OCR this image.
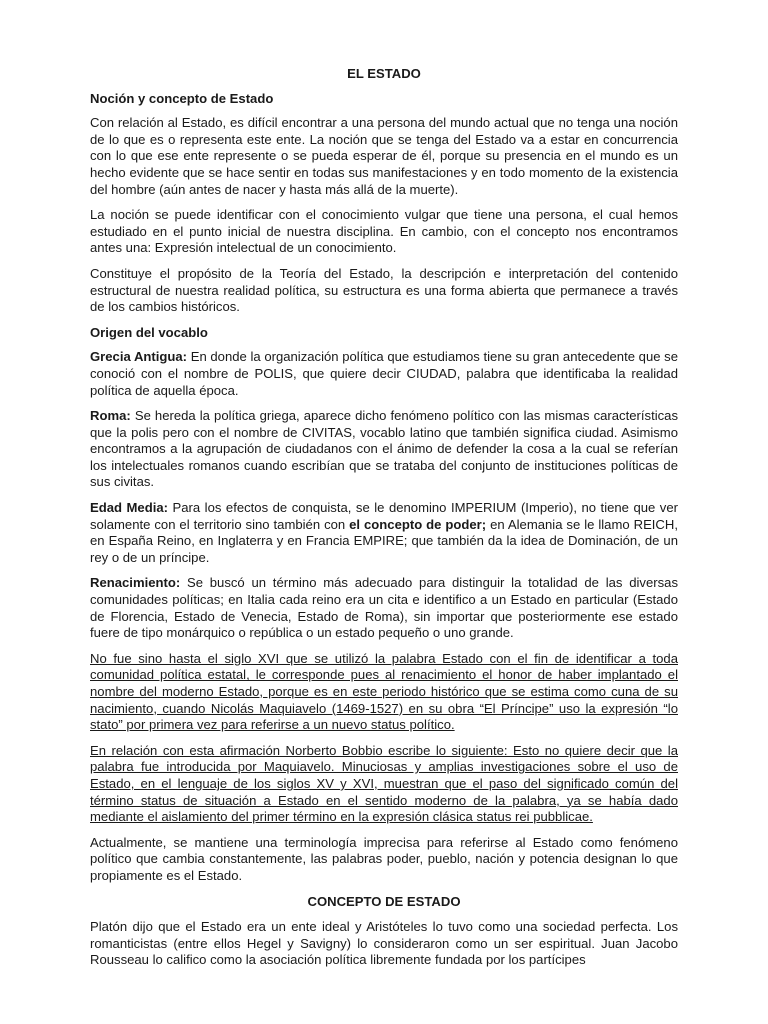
EL ESTADO
Noción y concepto de Estado

Con relación al Estado, es difícil encontrar a una persona del mundo actual que no tenga una noción de lo que es o representa este ente. La noción que se tenga del Estado va a estar en concurrencia con lo que ese ente represente o se pueda esperar de él, porque su presencia en el mundo es un hecho evidente que se hace sentir en todas sus manifestaciones y en todo momento de la existencia del hombre (aún antes de nacer y hasta más allá de la muerte).

La noción se puede identificar con el conocimiento vulgar que tiene una persona, el cual hemos estudiado en el punto inicial de nuestra disciplina. En cambio, con el concepto nos encontramos antes una: Expresión intelectual de un conocimiento.

Constituye el propósito de la Teoría del Estado, la descripción e interpretación del contenido estructural de nuestra realidad política, su estructura es una forma abierta que permanece a través de los cambios históricos.

Origen del vocablo

Grecia Antigua: En donde la organización política que estudiamos tiene su gran antecedente que se conoció con el nombre de POLIS, que quiere decir CIUDAD, palabra que identificaba la realidad política de aquella época.

Roma: Se hereda la política griega, aparece dicho fenómeno político con las mismas características que la polis pero con el nombre de CIVITAS, vocablo latino que también significa ciudad. Asimismo encontramos a la agrupación de ciudadanos con el ánimo de defender la cosa a la cual se referían los intelectuales romanos cuando escribían que se trataba del conjunto de instituciones políticas de sus civitas.

Edad Media: Para los efectos de conquista, se le denomino IMPERIUM (Imperio), no tiene que ver solamente con el territorio sino también con el concepto de poder; en Alemania se le llamo REICH, en España Reino, en Inglaterra y en Francia EMPIRE; que también da la idea de Dominación, de un rey o de un príncipe.

Renacimiento: Se buscó un término más adecuado para distinguir la totalidad de las diversas comunidades políticas; en Italia cada reino era un cita e identifico a un Estado en particular (Estado de Florencia, Estado de Venecia, Estado de Roma), sin importar que posteriormente ese estado fuere de tipo monárquico o república o un estado pequeño o uno grande.

No fue sino hasta el siglo XVI que se utilizó la palabra Estado con el fin de identificar a toda comunidad política estatal, le corresponde pues al renacimiento el honor de haber implantado el nombre del moderno Estado, porque es en este periodo histórico que se estima como cuna de su nacimiento, cuando Nicolás Maquiavelo (1469-1527) en su obra “El Príncipe” uso la expresión “lo stato” por primera vez para referirse a un nuevo status político.

En relación con esta afirmación Norberto Bobbio escribe lo siguiente: Esto no quiere decir que la palabra fue introducida por Maquiavelo. Minuciosas y amplias investigaciones sobre el uso de Estado, en el lenguaje de los siglos XV y XVI, muestran que el paso del significado común del término status de situación a Estado en el sentido moderno de la palabra, ya se había dado mediante el aislamiento del primer término en la expresión clásica status rei pubblicae.

Actualmente, se mantiene una terminología imprecisa para referirse al Estado como fenómeno político que cambia constantemente, las palabras poder, pueblo, nación y potencia designan lo que propiamente es el Estado.

CONCEPTO DE ESTADO

Platón dijo que el Estado era un ente ideal y Aristóteles lo tuvo como una sociedad perfecta. Los romanticistas (entre ellos Hegel y Savigny) lo consideraron como un ser espiritual. Juan Jacobo Rousseau lo califico como la asociación política libremente fundada por los partícipes
